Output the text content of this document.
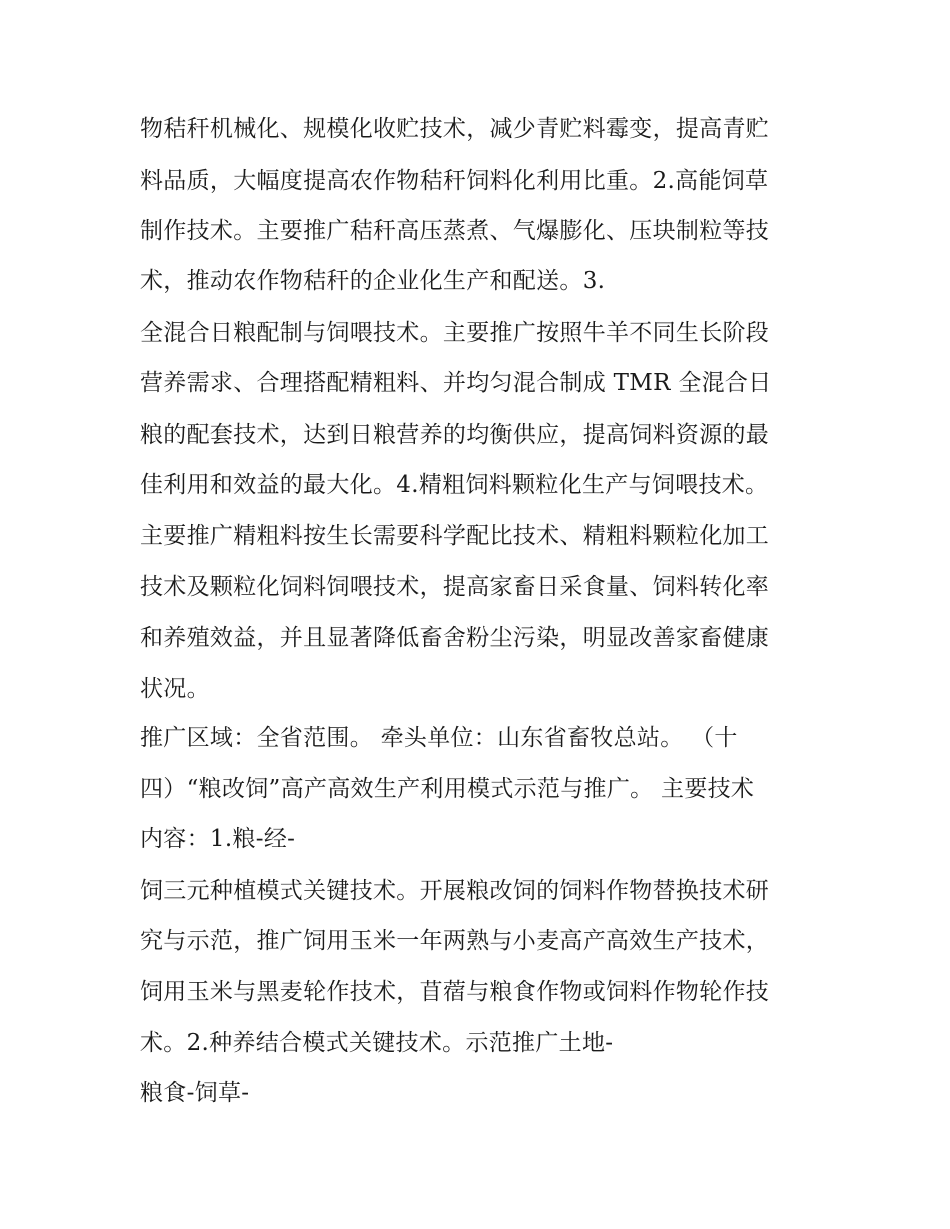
物秸秆机械化、规模化收贮技术，减少青贮料霉变，提高青贮
料品质，大幅度提高农作物秸秆饲料化利用比重。2.高能饲草
制作技术。主要推广秸秆高压蒸煮、气爆膨化、压块制粒等技
术，推动农作物秸秆的企业化生产和配送。3.
全混合日粮配制与饲喂技术。主要推广按照牛羊不同生长阶段
营养需求、合理搭配精粗料、并均匀混合制成 TMR 全混合日
粮的配套技术，达到日粮营养的均衡供应，提高饲料资源的最
佳利用和效益的最大化。4.精粗饲料颗粒化生产与饲喂技术。
主要推广精粗料按生长需要科学配比技术、精粗料颗粒化加工
技术及颗粒化饲料饲喂技术，提高家畜日采食量、饲料转化率
和养殖效益，并且显著降低畜舍粉尘污染，明显改善家畜健康
状况。
推广区域：全省范围。 牵头单位：山东省畜牧总站。 （十
四）“粮改饲”高产高效生产利用模式示范与推广。 主要技术
内容：1.粮-经-
饲三元种植模式关键技术。开展粮改饲的饲料作物替换技术研
究与示范，推广饲用玉米一年两熟与小麦高产高效生产技术，
饲用玉米与黑麦轮作技术，苜蓿与粮食作物或饲料作物轮作技
术。2.种养结合模式关键技术。示范推广土地-
粮食-饲草-
